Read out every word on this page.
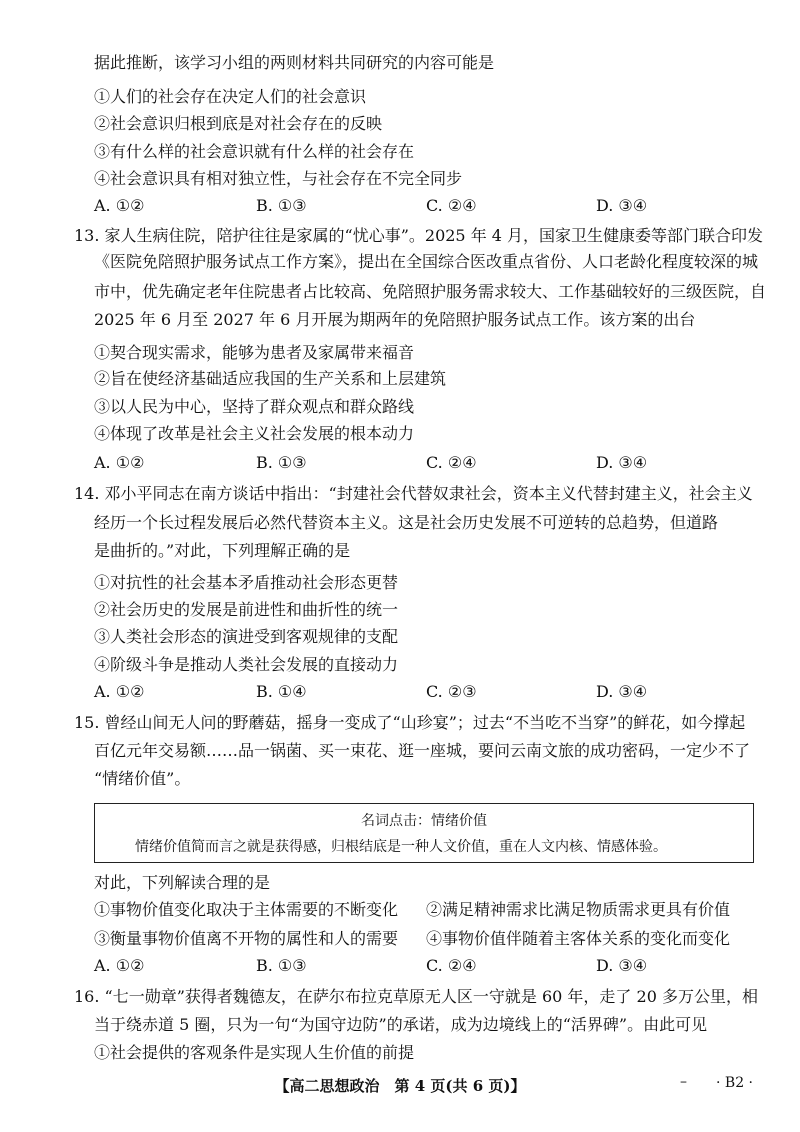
据此推断，该学习小组的两则材料共同研究的内容可能是
①人们的社会存在决定人们的社会意识
②社会意识归根到底是对社会存在的反映
③有什么样的社会意识就有什么样的社会存在
④社会意识具有相对独立性，与社会存在不完全同步
A. ①②	B. ①③	C. ②④	D. ③④
13. 家人生病住院，陪护往往是家属的“忧心事”。2025 年 4 月，国家卫生健康委等部门联合印发
《医院免陪照护服务试点工作方案》，提出在全国综合医改重点省份、人口老龄化程度较深的城
市中，优先确定老年住院患者占比较高、免陪照护服务需求较大、工作基础较好的三级医院，自
2025 年 6 月至 2027 年 6 月开展为期两年的免陪照护服务试点工作。该方案的出台
①契合现实需求，能够为患者及家属带来福音
②旨在使经济基础适应我国的生产关系和上层建筑
③以人民为中心，坚持了群众观点和群众路线
④体现了改革是社会主义社会发展的根本动力
A. ①②	B. ①③	C. ②④	D. ③④
14. 邓小平同志在南方谈话中指出：“封建社会代替奴隶社会，资本主义代替封建主义，社会主义
经历一个长过程发展后必然代替资本主义。这是社会历史发展不可逆转的总趋势，但道路
是曲折的。”对此，下列理解正确的是
①对抗性的社会基本矛盾推动社会形态更替
②社会历史的发展是前进性和曲折性的统一
③人类社会形态的演进受到客观规律的支配
④阶级斗争是推动人类社会发展的直接动力
A. ①②	B. ①④	C. ②③	D. ③④
15. 曾经山间无人问的野蘑菇，摇身一变成了“山珍宴”；过去“不当吃不当穿”的鲜花，如今撑起
百亿元年交易额……品一锅菌、买一束花、逛一座城，要问云南文旅的成功密码，一定少不了
“情绪价值”。
名词点击：情绪价值
情绪价值简而言之就是获得感，归根结底是一种人文价值，重在人文内核、情感体验。
对此，下列解读合理的是
①事物价值变化取决于主体需要的不断变化 ②满足精神需求比满足物质需求更具有价值
③衡量事物价值离不开物的属性和人的需要 ④事物价值伴随着主客体关系的变化而变化
A. ①②	B. ①③	C. ②④	D. ③④
16. “七一勋章”获得者魏德友，在萨尔布拉克草原无人区一守就是 60 年，走了 20 多万公里，相
当于绕赤道 5 圈，只为一句“为国守边防”的承诺，成为边境线上的“活界碑”。由此可见
①社会提供的客观条件是实现人生价值的前提
【高二思想政治　第 4 页(共 6 页)】	– · B2 ·
